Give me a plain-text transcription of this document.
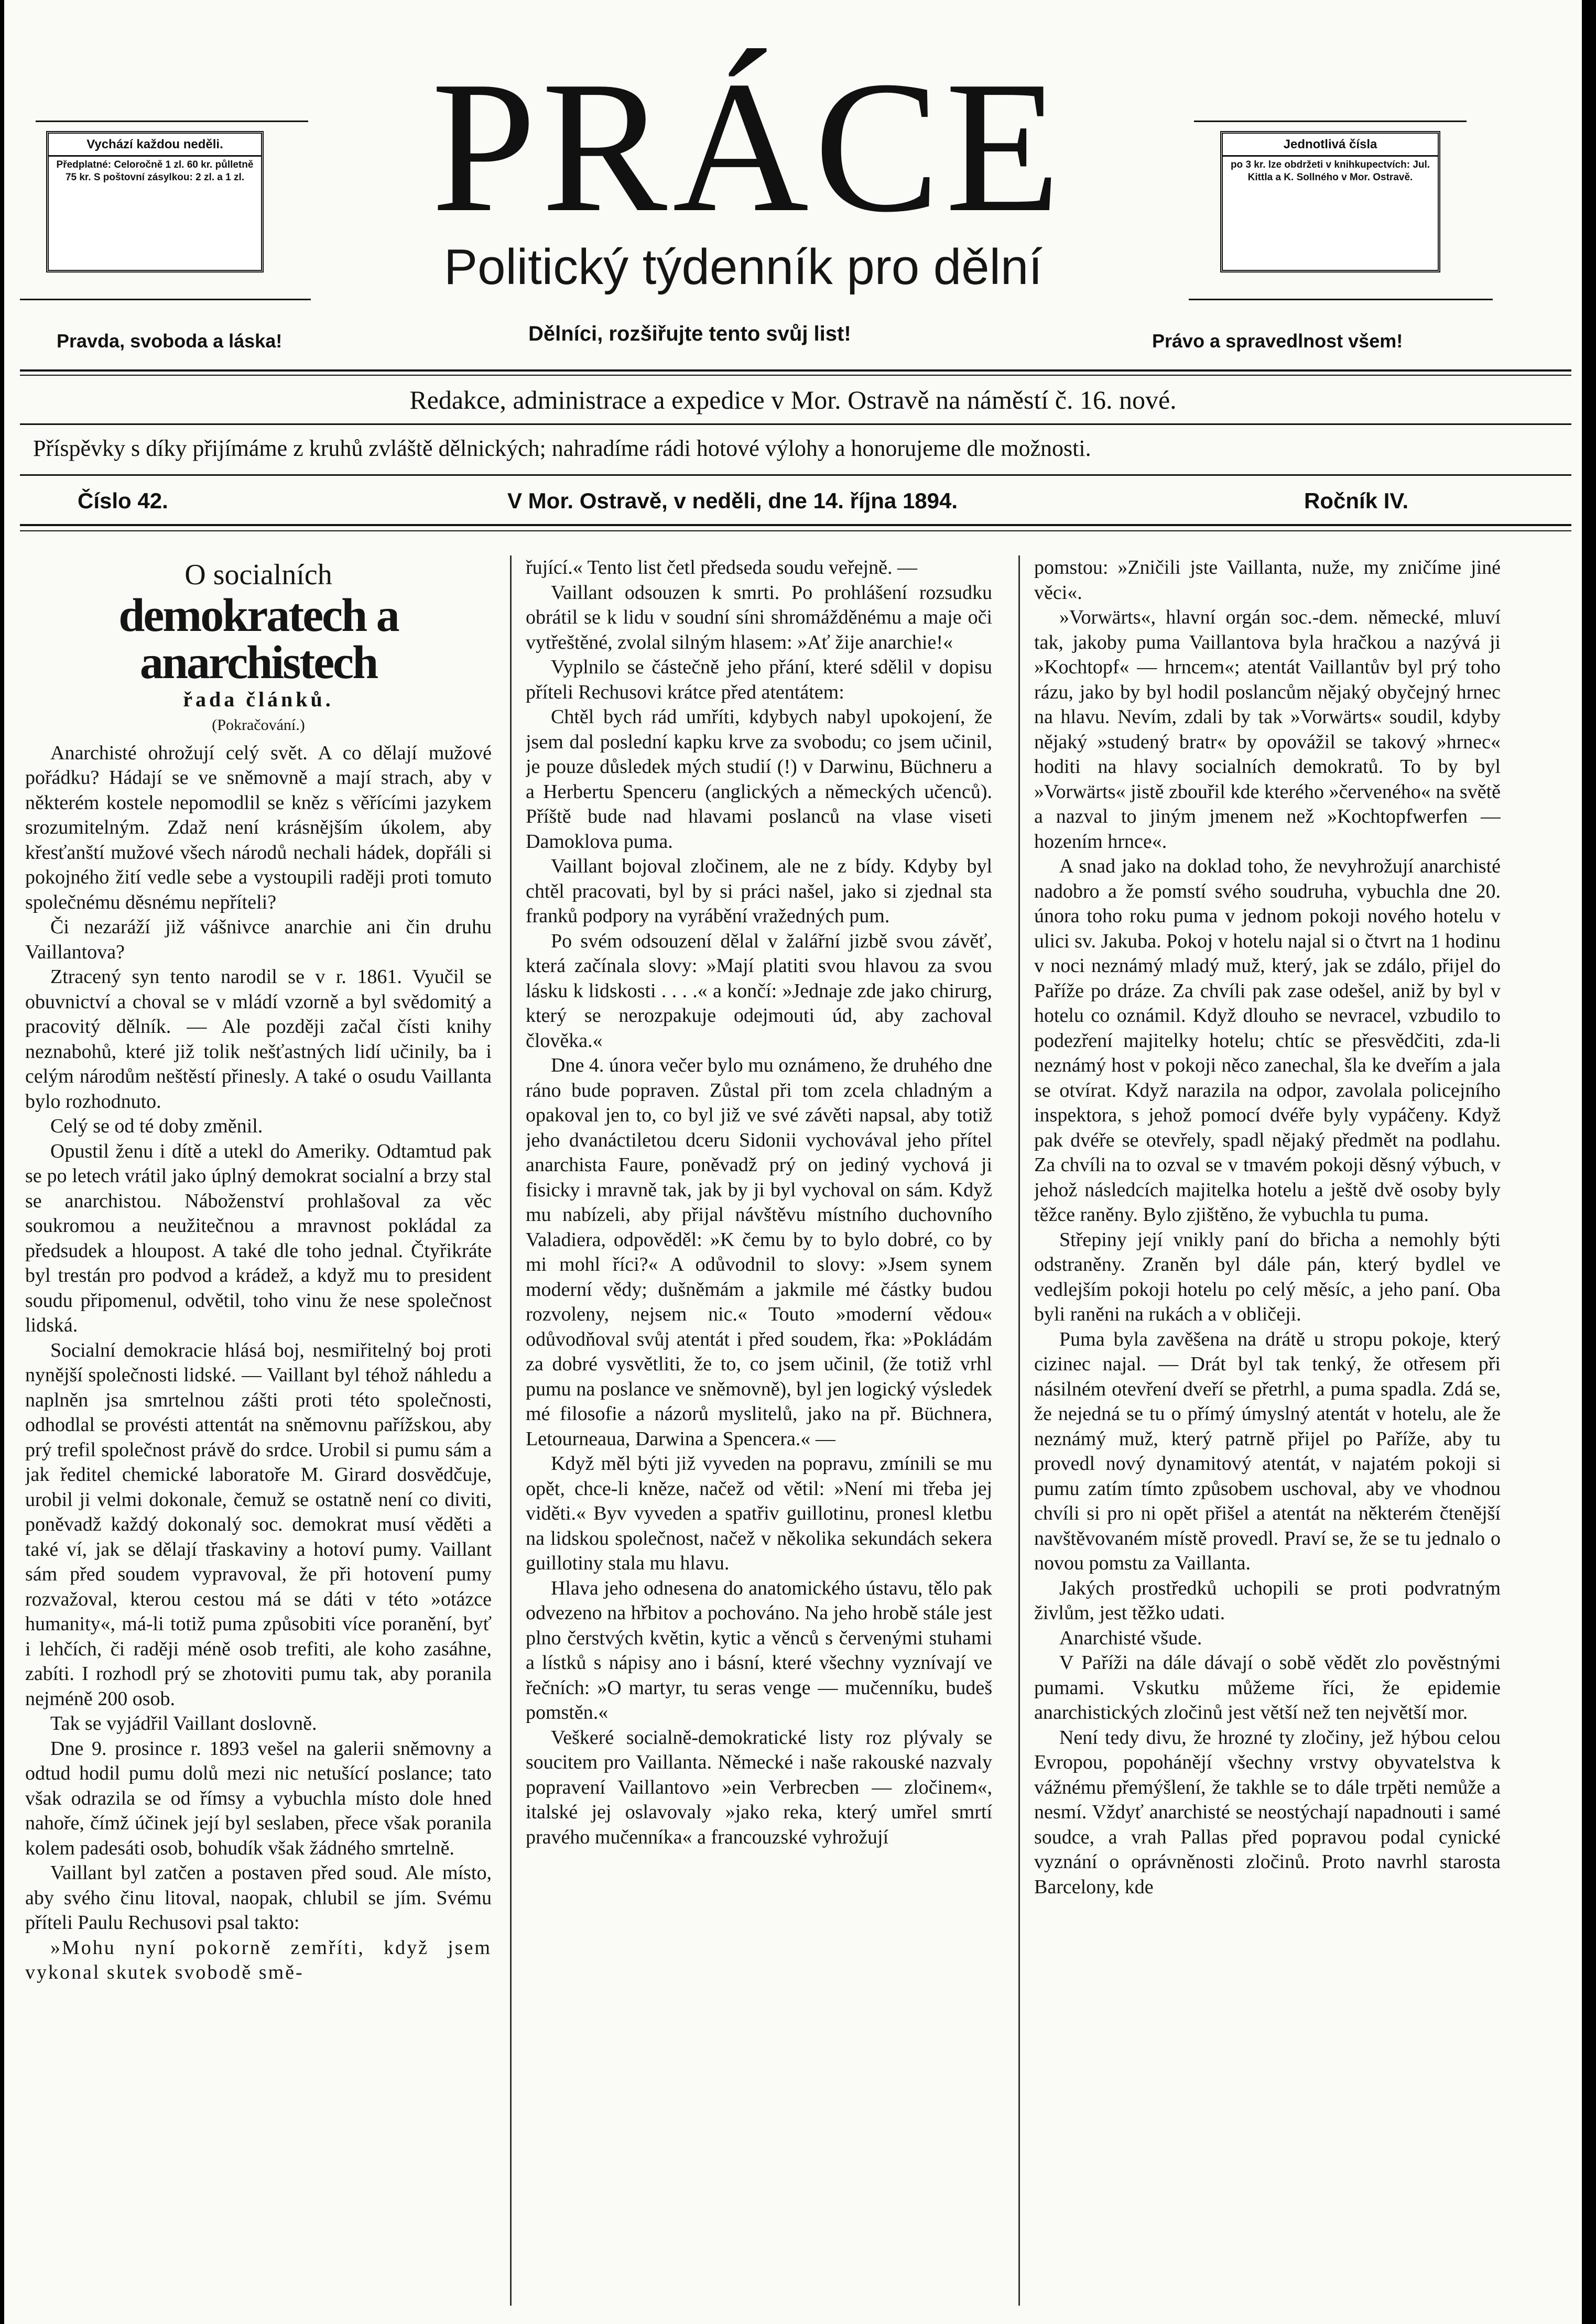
Vychází každou neděli.
Předplatné: Celoročně 1 zl. 60 kr. půlletně 75 kr. S poštovní zásylkou: 2 zl. a 1 zl.
Jednotlivá čísla
po 3 kr. lze obdržeti v knihkupectvích: Jul. Kittla a K. Sollného v Mor. Ostravě.
PRÁCE
Politický týdenník pro dělní
Pravda, svoboda a láska!	Dělníci, rozšiřujte tento svůj list!	Právo a spravedlnost všem!
Redakce, administrace a expedice v Mor. Ostravě na náměstí č. 16. nové.
Příspěvky s díky přijímáme z kruhů zvláště dělnických; nahradíme rádi hotové výlohy a honorujeme dle možnosti.
Číslo 42.	V Mor. Ostravě, v neděli, dne 14. října 1894.	Ročník IV.

O socialních

demokratech a anarchistech

řada článků.

(Pokračování.)

Anarchisté ohrožují celý svět. A co dělají mužové pořádku? Hádají se ve sněmovně a mají strach, aby v některém kostele nepomodlil se kněz s věřícími jazykem srozumitelným. Zdaž není krásnějším úkolem, aby křesťanští mužové všech národů nechali hádek, dopřáli si pokojného žití vedle sebe a vystoupili raději proti tomuto společnému děsnému nepříteli?

Či nezaráží již vášnivce anarchie ani čin druhu Vaillantova?

Ztracený syn tento narodil se v r. 1861. Vyučil se obuvnictví a choval se v mládí vzorně a byl svědomitý a pracovitý dělník. — Ale později začal čísti knihy neznabohů, které již tolik nešťastných lidí učinily, ba i celým národům neštěstí přinesly. A také o osudu Vaillanta bylo rozhodnuto.

Celý se od té doby změnil.

Opustil ženu i dítě a utekl do Ameriky. Odtamtud pak se po letech vrátil jako úplný demokrat socialní a brzy stal se anarchistou. Náboženství prohlašoval za věc soukromou a neužitečnou a mravnost pokládal za předsudek a hloupost. A také dle toho jednal. Čtyřikráte byl trestán pro podvod a krádež, a když mu to president soudu připomenul, odvětil, toho vinu že nese společnost lidská.

Socialní demokracie hlásá boj, nesmiřitelný boj proti nynější společnosti lidské. — Vaillant byl téhož náhledu a naplněn jsa smrtelnou zášti proti této společnosti, odhodlal se provésti attentát na sněmovnu pařížskou, aby prý trefil společnost právě do srdce. Urobil si pumu sám a jak ředitel chemické laboratoře M. Girard dosvědčuje, urobil ji velmi dokonale, čemuž se ostatně není co diviti, poněvadž každý dokonalý soc. demokrat musí věděti a také ví, jak se dělají třaskaviny a hotoví pumy. Vaillant sám před soudem vypravoval, že při hotovení pumy rozvažoval, kterou cestou má se dáti v této »otázce humanity«, má-li totiž puma způsobiti více poranění, byť i lehčích, či raději méně osob trefiti, ale koho zasáhne, zabíti. I rozhodl prý se zhotoviti pumu tak, aby poranila nejméně 200 osob.

Tak se vyjádřil Vaillant doslovně.

Dne 9. prosince r. 1893 vešel na galerii sněmovny a odtud hodil pumu dolů mezi nic netušící poslance; tato však odrazila se od římsy a vybuchla místo dole hned nahoře, čímž účinek její byl seslaben, přece však poranila kolem padesáti osob, bohudík však žádného smrtelně.

Vaillant byl zatčen a postaven před soud. Ale místo, aby svého činu litoval, naopak, chlubil se jím. Svému příteli Paulu Rechusovi psal takto:

»Mohu nyní pokorně zemříti, když jsem vykonal skutek svobodě smě-

řující.« Tento list četl předseda soudu veřejně. —

Vaillant odsouzen k smrti. Po prohlášení rozsudku obrátil se k lidu v soudní síni shromážděnému a maje oči vytřeštěné, zvolal silným hlasem: »Ať žije anarchie!«

Vyplnilo se částečně jeho přání, které sdělil v dopisu příteli Rechusovi krátce před atentátem:

Chtěl bych rád umříti, kdybych nabyl upokojení, že jsem dal poslední kapku krve za svobodu; co jsem učinil, je pouze důsledek mých studií (!) v Darwinu, Büchneru a a Herbertu Spenceru (anglických a německých učenců). Příště bude nad hlavami poslanců na vlase viseti Damoklova puma.

Vaillant bojoval zločinem, ale ne z bídy. Kdyby byl chtěl pracovati, byl by si práci našel, jako si zjednal sta franků podpory na vyrábění vražedných pum.

Po svém odsouzení dělal v žalářní jizbě svou závěť, která začínala slovy: »Mají platiti svou hlavou za svou lásku k lidskosti . . . .« a končí: »Jednaje zde jako chirurg, který se nerozpakuje odejmouti úd, aby zachoval člověka.«

Dne 4. února večer bylo mu oznámeno, že druhého dne ráno bude popraven. Zůstal při tom zcela chladným a opakoval jen to, co byl již ve své závěti napsal, aby totiž jeho dvanáctiletou dceru Sidonii vychovával jeho přítel anarchista Faure, poněvadž prý on jediný vychová ji fisicky i mravně tak, jak by ji byl vychoval on sám. Když mu nabízeli, aby přijal návštěvu místního duchovního Valadiera, odpověděl: »K čemu by to bylo dobré, co by mi mohl říci?« A odůvodnil to slovy: »Jsem synem moderní vědy; dušněmám a jakmile mé částky budou rozvoleny, nejsem nic.« Touto »moderní vědou« odůvodňoval svůj atentát i před soudem, řka: »Pokládám za dobré vysvětliti, že to, co jsem učinil, (že totiž vrhl pumu na poslance ve sněmovně), byl jen logický výsledek mé filosofie a názorů myslitelů, jako na př. Büchnera, Letourneaua, Darwina a Spencera.« —

Když měl býti již vyveden na popravu, zmínili se mu opět, chce-li kněze, načež od větil: »Není mi třeba jej viděti.« Byv vyveden a spatřiv guillotinu, pronesl kletbu na lidskou společnost, načež v několika sekundách sekera guillotiny stala mu hlavu.

Hlava jeho odnesena do anatomického ústavu, tělo pak odvezeno na hřbitov a pochováno. Na jeho hrobě stále jest plno čerstvých květin, kytic a věnců s červenými stuhami a lístků s nápisy ano i básní, které všechny vyznívají ve řečních: »O martyr, tu seras venge — mučenníku, budeš pomstěn.«

Veškeré socialně-demokratické listy roz plývaly se soucitem pro Vaillanta. Německé i naše rakouské nazvaly popravení Vaillantovo »ein Verbrecben — zločinem«, italské jej oslavovaly »jako reka, který umřel smrtí pravého mučenníka« a francouzské vyhrožují

pomstou: »Zničili jste Vaillanta, nuže, my zničíme jiné věci«.

»Vorwärts«, hlavní orgán soc.-dem. německé, mluví tak, jakoby puma Vaillantova byla hračkou a nazývá ji »Kochtopf« — hrncem«; atentát Vaillantův byl prý toho rázu, jako by byl hodil poslancům nějaký obyčejný hrnec na hlavu. Nevím, zdali by tak »Vorwärts« soudil, kdyby nějaký »studený bratr« by opovážil se takový »hrnec« hoditi na hlavy socialních demokratů. To by byl »Vorwärts« jistě zbouřil kde kterého »červeného« na světě a nazval to jiným jmenem než »Kochtopfwerfen — hozením hrnce«.

A snad jako na doklad toho, že nevyhrožují anarchisté nadobro a že pomstí svého soudruha, vybuchla dne 20. února toho roku puma v jednom pokoji nového hotelu v ulici sv. Jakuba. Pokoj v hotelu najal si o čtvrt na 1 hodinu v noci neznámý mladý muž, který, jak se zdálo, přijel do Paříže po dráze. Za chvíli pak zase odešel, aniž by byl v hotelu co oznámil. Když dlouho se nevracel, vzbudilo to podezření majitelky hotelu; chtíc se přesvědčiti, zda-li neznámý host v pokoji něco zanechal, šla ke dveřím a jala se otvírat. Když narazila na odpor, zavolala policejního inspektora, s jehož pomocí dvéře byly vypáčeny. Když pak dvéře se otevřely, spadl nějaký předmět na podlahu. Za chvíli na to ozval se v tmavém pokoji děsný výbuch, v jehož následcích majitelka hotelu a ještě dvě osoby byly těžce raněny. Bylo zjištěno, že vybuchla tu puma.

Střepiny její vnikly paní do břicha a nemohly býti odstraněny. Zraněn byl dále pán, který bydlel ve vedlejším pokoji hotelu po celý měsíc, a jeho paní. Oba byli raněni na rukách a v obličeji.

Puma byla zavěšena na drátě u stropu pokoje, který cizinec najal. — Drát byl tak tenký, že otřesem při násilném otevření dveří se přetrhl, a puma spadla. Zdá se, že nejedná se tu o přímý úmyslný atentát v hotelu, ale že neznámý muž, který patrně přijel po Paříže, aby tu provedl nový dynamitový atentát, v najatém pokoji si pumu zatím tímto způsobem uschoval, aby ve vhodnou chvíli si pro ni opět přišel a atentát na některém čtenější navštěvovaném místě provedl. Praví se, že se tu jednalo o novou pomstu za Vaillanta.

Jakých prostředků uchopili se proti podvratným živlům, jest těžko udati.

Anarchisté všude.

V Paříži na dále dávají o sobě vědět zlo pověstnými pumami. Vskutku můžeme říci, že epidemie anarchistických zločinů jest větší než ten největší mor.

Není tedy divu, že hrozné ty zločiny, jež hýbou celou Evropou, popohánějí všechny vrstvy obyvatelstva k vážnému přemýšlení, že takhle se to dále trpěti nemůže a nesmí. Vždyť anarchisté se neostýchají napadnouti i samé soudce, a vrah Pallas před popravou podal cynické vyznání o oprávněnosti zločinů. Proto navrhl starosta Barcelony, kde
